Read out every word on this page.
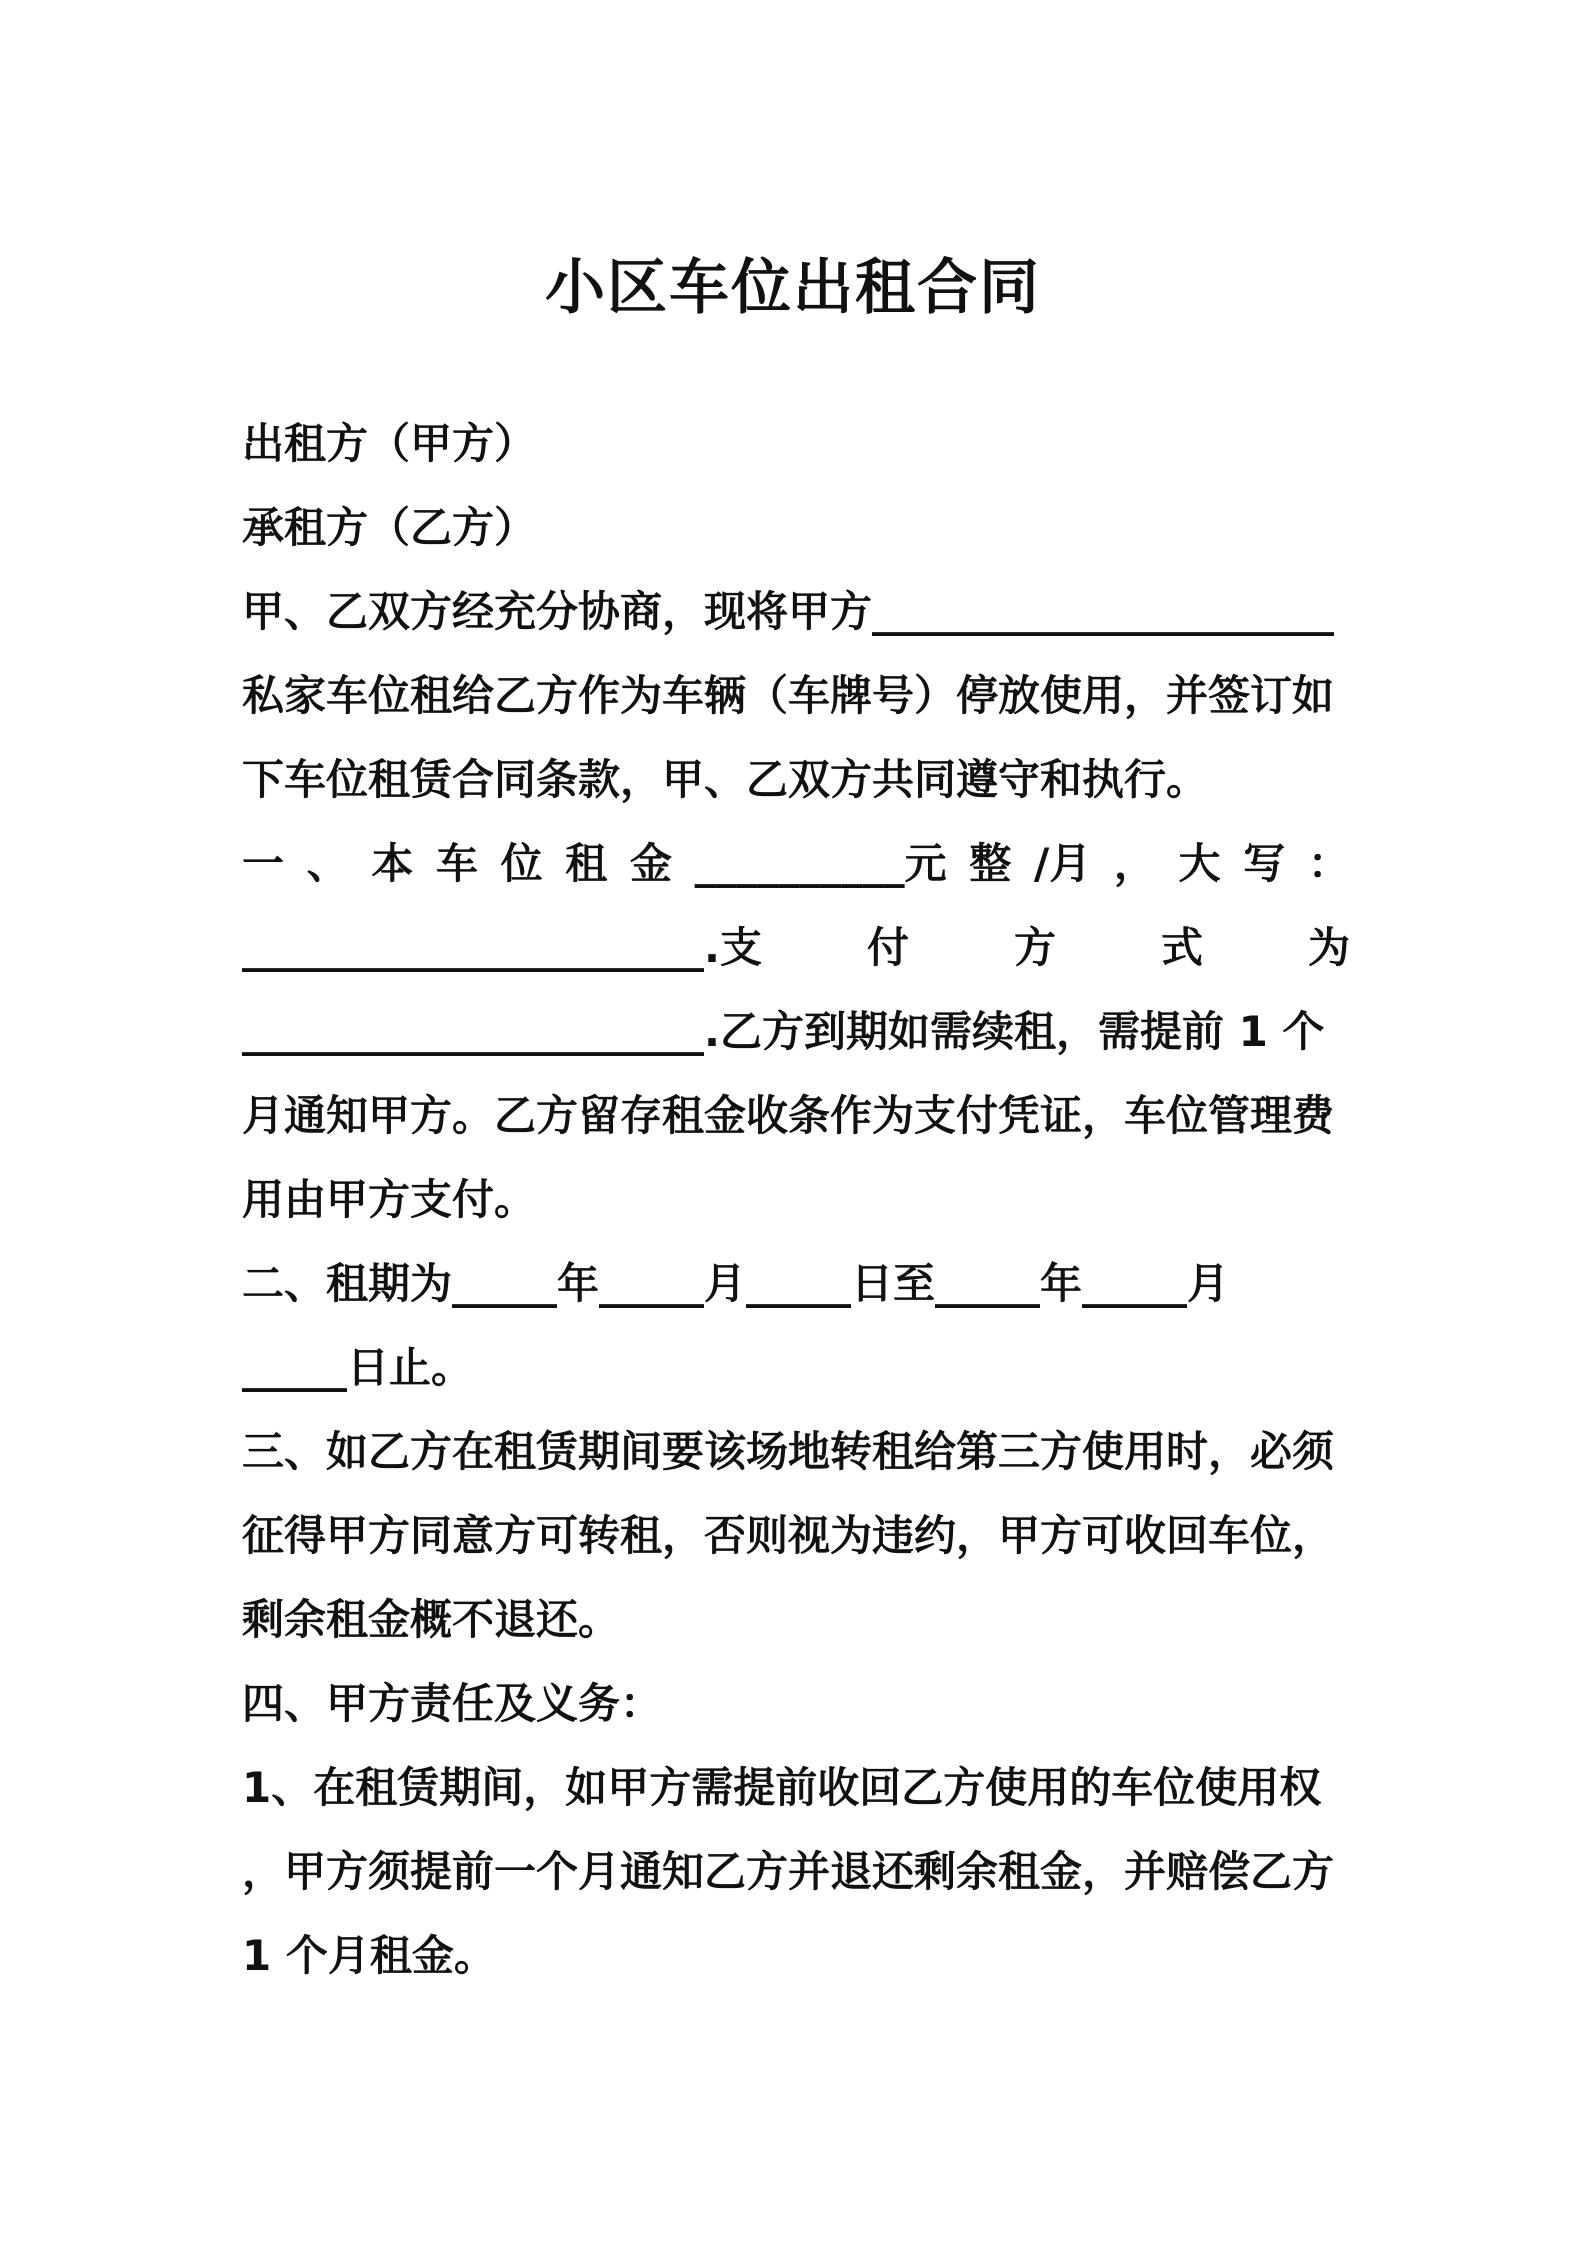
小区车位出租合同
出租方（甲方）
承租方（乙方）
甲、乙双方经充分协商，现将甲方______________________
私家车位租给乙方作为车辆（车牌号）停放使用，并签订如
下车位租赁合同条款，甲、乙双方共同遵守和执行。
一 、 本 车 位 租 金 __________元 整 /月 ， 大 写 ：
______________________.支 付 方 式 为
______________________.乙方到期如需续租，需提前 1 个
月通知甲方。乙方留存租金收条作为支付凭证，车位管理费
用由甲方支付。
二、租期为_____年_____月_____日至_____年_____月
_____日止。
三、如乙方在租赁期间要该场地转租给第三方使用时，必须
征得甲方同意方可转租，否则视为违约，甲方可收回车位，
剩余租金概不退还。
四、甲方责任及义务：
1、在租赁期间，如甲方需提前收回乙方使用的车位使用权
，甲方须提前一个月通知乙方并退还剩余租金，并赔偿乙方
1 个月租金。
